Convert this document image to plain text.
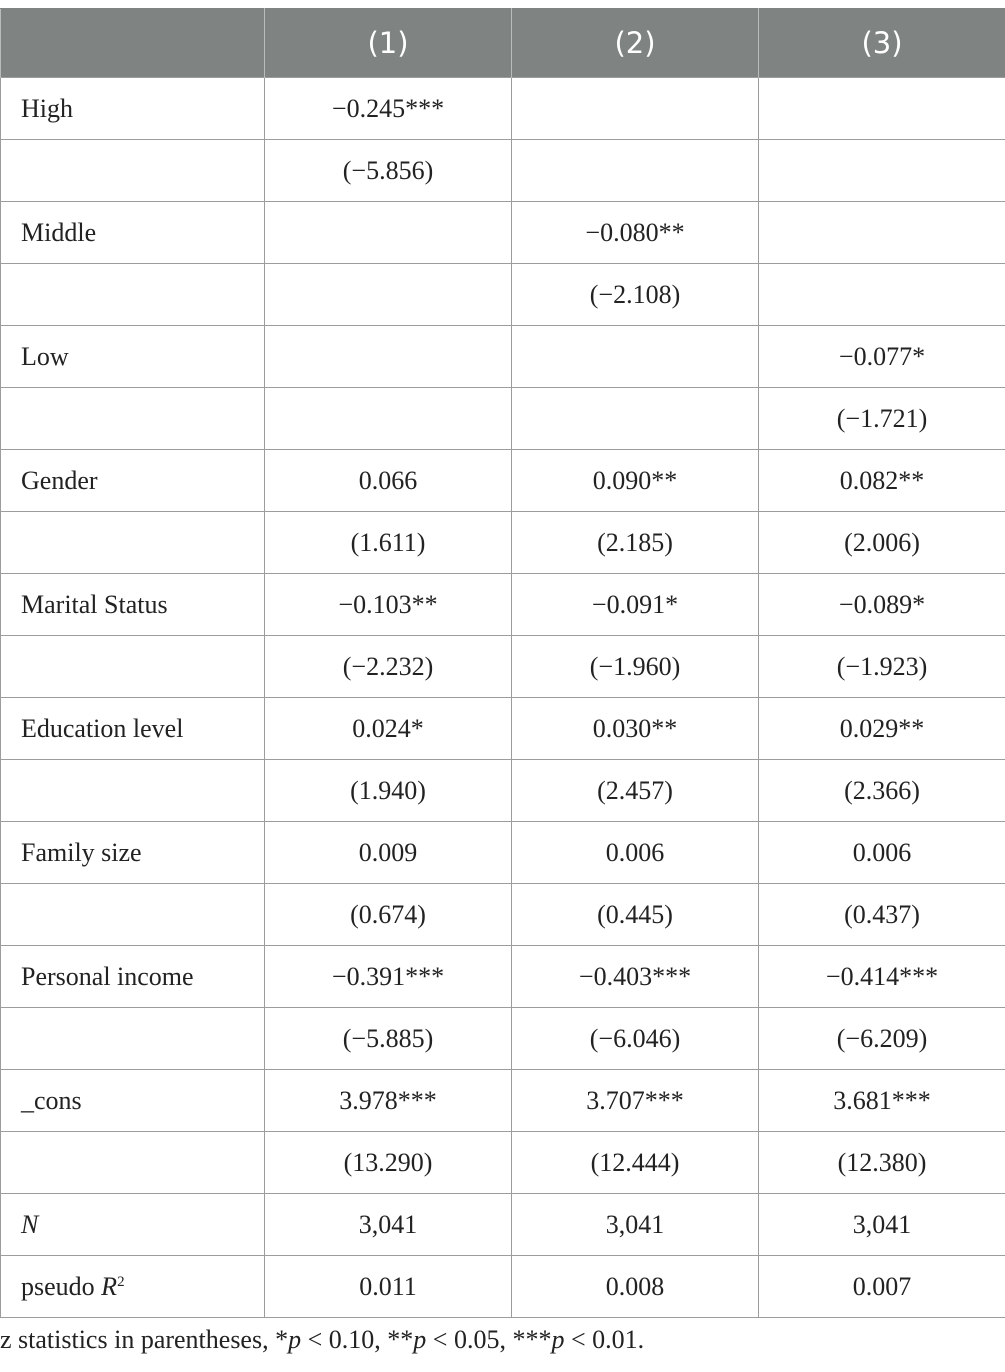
	(1)	(2)	(3)
High	−0.245***		
	(−5.856)		
Middle		−0.080**	
		(−2.108)	
Low			−0.077*
			(−1.721)
Gender	0.066	0.090**	0.082**
	(1.611)	(2.185)	(2.006)
Marital Status	−0.103**	−0.091*	−0.089*
	(−2.232)	(−1.960)	(−1.923)
Education level	0.024*	0.030**	0.029**
	(1.940)	(2.457)	(2.366)
Family size	0.009	0.006	0.006
	(0.674)	(0.445)	(0.437)
Personal income	−0.391***	−0.403***	−0.414***
	(−5.885)	(−6.046)	(−6.209)
_cons	3.978***	3.707***	3.681***
	(13.290)	(12.444)	(12.380)
N	3,041	3,041	3,041
pseudo $R^2$	0.011	0.008	0.007
z statistics in parentheses, *p < 0.10, **p < 0.05, ***p < 0.01.
